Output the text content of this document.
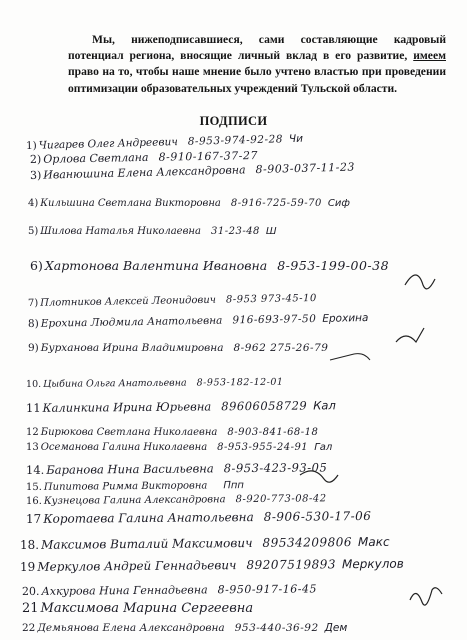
Мы, нижеподписавшиеся, сами составляющие кадровый потенциал региона, вносящие личный вклад в его развитие, имеем право на то, чтобы наше мнение было учтено властью при проведении оптимизации образовательных учреждений Тульской области.
ПОДПИСИ
1) Чигарев Олег Андреевич 8-953-974-92-28 Чи
2) Орлова Светлана 8-910-167-37-27
3) Иванюшина Елена Александровна 8-903-037-11-23
4) Кильшина Светлана Викторовна 8-916-725-59-70 Сиф
5) Шилова Наталья Николаевна 31-23-48 Ш
6) Хартонова Валентина Ивановна 8-953-199-00-38
7) Плотников Алексей Леонидович 8-953 973-45-10
8) Ерохина Людмила Анатольевна 916-693-97-50 Ерохина
9) Бурханова Ирина Владимировна 8-962 275-26-79
10. Цыбина Ольга Анатольевна 8-953-182-12-01
11 Калинкина Ирина Юрьевна 89606058729 Кал
12 Бирюкова Светлана Николаевна 8-903-841-68-18
13 Осеманова Галина Николаевна 8-953-955-24-91 Гал
14. Баранова Нина Васильевна 8-953-423-93-05
15. Пипитова Римма Викторовна Ппп
16. Кузнецова Галина Александровна 8-920-773-08-42
17 Коротаева Галина Анатольевна 8-906-530-17-06
18. Максимов Виталий Максимович 89534209806 Макс
19 Меркулов Андрей Геннадьевич 89207519893 Меркулов
20. Ахкурова Нина Геннадьевна 8-950-917-16-45
21 Максимова Марина Сергеевна
22 Демьянова Елена Александровна 953-440-36-92 Дем
